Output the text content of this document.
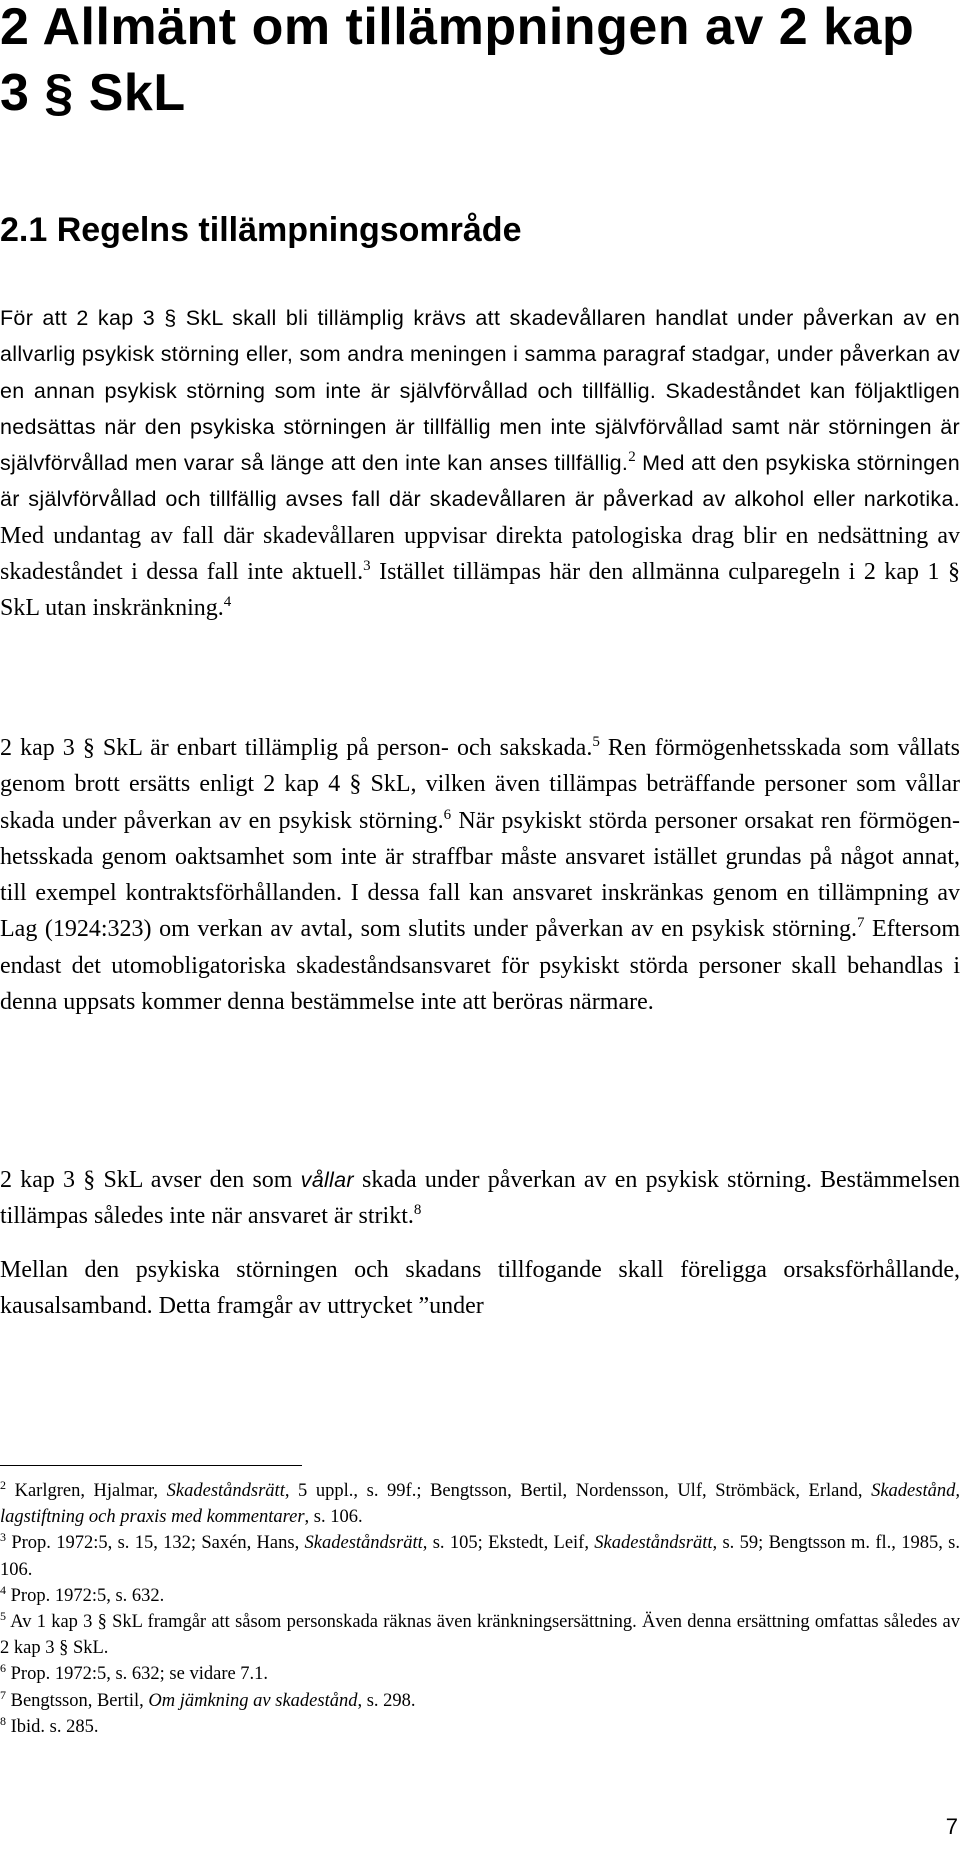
2 Allmänt om tillämpningen av 2 kap 3 § SkL
2.1 Regelns tillämpningsområde

För att 2 kap 3 § SkL skall bli tillämplig krävs att skadevållaren handlat under påverkan av en allvarlig psykisk störning eller, som andra meningen i samma paragraf stadgar, under påverkan av en annan psykisk störning som inte är självförvållad och tillfällig. Skadeståndet kan följaktligen nedsättas när den psykiska störningen är tillfällig men inte självförvållad samt när störningen är självförvållad men varar så länge att den inte kan anses tillfällig.$^2$ Med att den psykiska störningen är självförvållad och tillfällig avses fall där skadevållaren är påverkad av alkohol eller narkotika. Med undantag av fall där skadevållaren uppvisar direkta patologiska drag blir en nedsättning av skadeståndet i dessa fall inte aktuell.$^3$ Istället tillämpas här den allmänna culparegeln i 2 kap 1 § SkL utan inskränkning.$^4$

2 kap 3 § SkL är enbart tillämplig på person- och sakskada.$^5$ Ren förmögenhetsskada som vållats genom brott ersätts enligt 2 kap 4 § SkL, vilken även tillämpas beträffande personer som vållar skada under påverkan av en psykisk störning.$^6$ När psykiskt störda personer orsakat ren förmögenhetsskada genom oaktsamhet som inte är straffbar måste ansvaret istället grundas på något annat, till exempel kontraktsförhållanden. I dessa fall kan ansvaret inskränkas genom en tillämpning av Lag (1924:323) om verkan av avtal, som slutits under påverkan av en psykisk störning.$^7$ Eftersom endast det utomobligatoriska skadeståndsansvaret för psykiskt störda personer skall behandlas i denna uppsats kommer denna bestämmelse inte att beröras närmare.

2 kap 3 § SkL avser den som vållar skada under påverkan av en psykisk störning. Bestämmelsen tillämpas således inte när ansvaret är strikt.$^8$

Mellan den psykiska störningen och skadans tillfogande skall föreligga orsaksförhållande, kausalsamband. Detta framgår av uttrycket ”under

$^2$ Karlgren, Hjalmar, Skadeståndsrätt, 5 uppl., s. 99f.; Bengtsson, Bertil, Nordensson, Ulf, Strömbäck, Erland, Skadestånd, lagstiftning och praxis med kommentarer, s. 106.

$^3$ Prop. 1972:5, s. 15, 132; Saxén, Hans, Skadeståndsrätt, s. 105; Ekstedt, Leif, Skadeståndsrätt, s. 59; Bengtsson m. fl., 1985, s. 106.

$^4$ Prop. 1972:5, s. 632.

$^5$ Av 1 kap 3 § SkL framgår att såsom personskada räknas även kränkningsersättning. Även denna ersättning omfattas således av 2 kap 3 § SkL.

$^6$ Prop. 1972:5, s. 632; se vidare 7.1.

$^7$ Bengtsson, Bertil, Om jämkning av skadestånd, s. 298.

$^8$ Ibid. s. 285.

7
